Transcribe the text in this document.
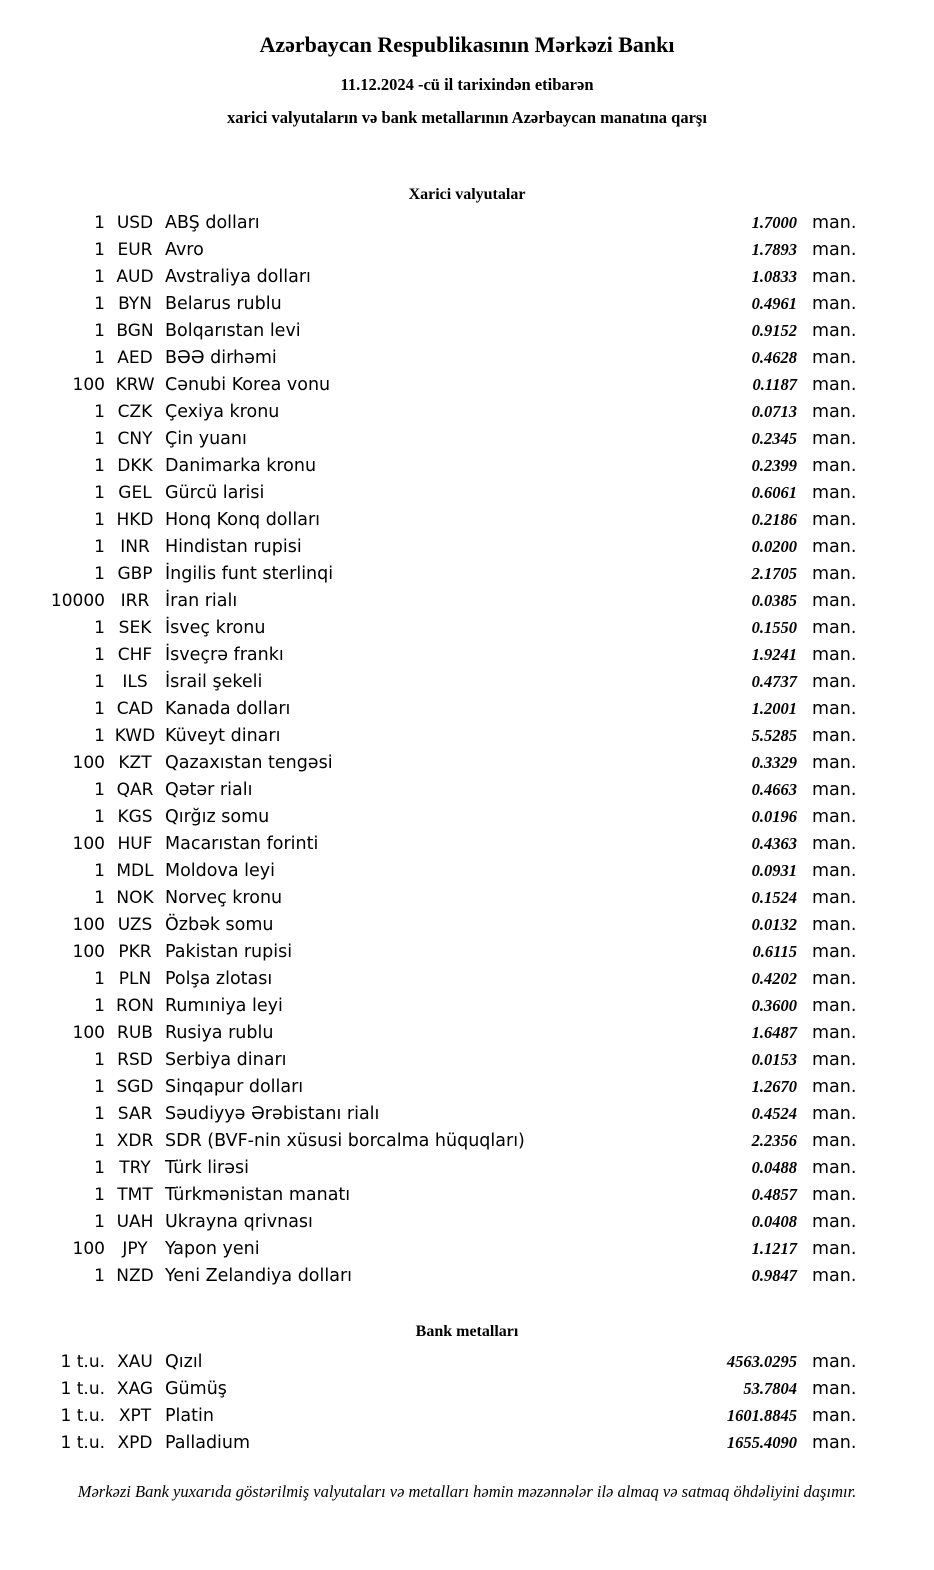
Azərbaycan Respublikasının Mərkəzi Bankı
11.12.2024 -cü il tarixindən etibarən
xarici valyutaların və bank metallarının Azərbaycan manatına qarşı
Xarici valyutalar
1 USD ABŞ dolları	1.7000 man.
1 EUR Avro	1.7893 man.
1 AUD Avstraliya dolları	1.0833 man.
1 BYN Belarus rublu	0.4961 man.
1 BGN Bolqarıstan levi	0.9152 man.
1 AED BƏƏ dirhəmi	0.4628 man.
100 KRW Cənubi Korea vonu	0.1187 man.
1 CZK Çexiya kronu	0.0713 man.
1 CNY Çin yuanı	0.2345 man.
1 DKK Danimarka kronu	0.2399 man.
1 GEL Gürcü larisi	0.6061 man.
1 HKD Honq Konq dolları	0.2186 man.
1 INR Hindistan rupisi	0.0200 man.
1 GBP İngilis funt sterlinqi	2.1705 man.
10000 IRR İran rialı	0.0385 man.
1 SEK İsveç kronu	0.1550 man.
1 CHF İsveçrə frankı	1.9241 man.
1	ILS İsrail şekeli	0.4737 man.
1 CAD Kanada dolları	1.2001 man.
1 KWD Küveyt dinarı	5.5285 man.
100 KZT Qazaxıstan tengəsi	0.3329 man.
1 QAR Qətər rialı	0.4663 man.
1 KGS Qırğız somu	0.0196 man.
100 HUF Macarıstan forinti	0.4363 man.
1 MDL Moldova leyi	0.0931 man.
1 NOK Norveç kronu	0.1524 man.
100 UZS Özbək somu	0.0132 man.
100 PKR Pakistan rupisi	0.6115 man.
1 PLN Polşa zlotası	0.4202 man.
1 RON Rumıniya leyi	0.3600 man.
100 RUB Rusiya rublu	1.6487 man.
1 RSD Serbiya dinarı	0.0153 man.
1 SGD Sinqapur dolları	1.2670 man.
1 SAR Səudiyyə Ərəbistanı rialı	0.4524 man.
1 XDR SDR (BVF-nin xüsusi borcalma hüquqları)	2.2356 man.
1 TRY Türk lirəsi	0.0488 man.
1 TMT Türkmənistan manatı	0.4857 man.
1 UAH Ukrayna qrivnası	0.0408 man.
100	JPY Yapon yeni	1.1217 man.
1 NZD Yeni Zelandiya dolları	0.9847 man.
Bank metalları
1 t.u. XAU Qızıl	4563.0295 man.
1 t.u. XAG Gümüş	53.7804 man.
1 t.u. XPT Platin	1601.8845 man.
1 t.u. XPD Palladium	1655.4090 man.
Mərkəzi Bank yuxarıda göstərilmiş valyutaları və metalları həmin məzənnələr ilə almaq və satmaq öhdəliyini daşımır.
